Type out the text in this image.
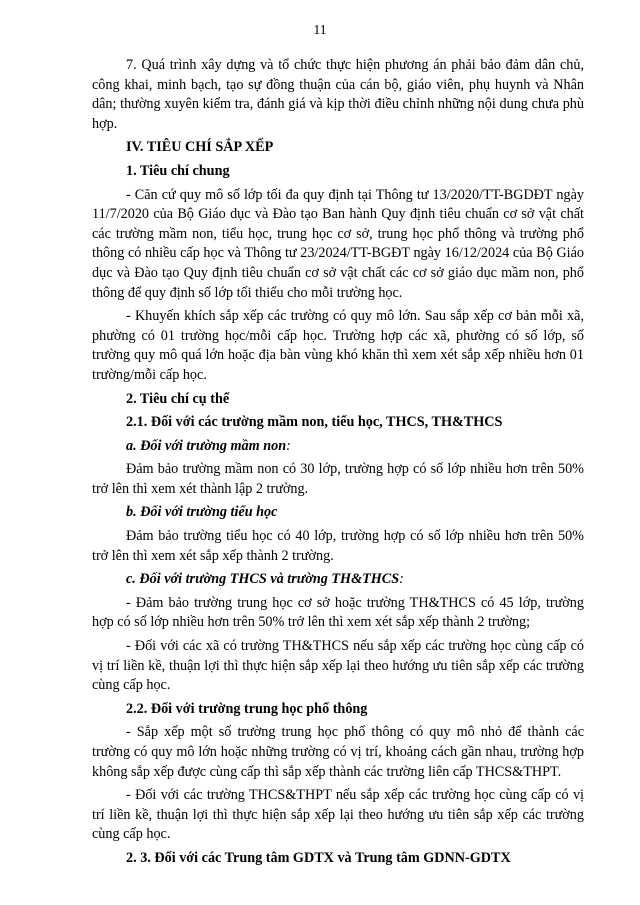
11

7. Quá trình xây dựng và tổ chức thực hiện phương án phải bảo đảm dân chủ, công khai, minh bạch, tạo sự đồng thuận của cán bộ, giáo viên, phụ huynh và Nhân dân; thường xuyên kiểm tra, đánh giá và kịp thời điều chỉnh những nội dung chưa phù hợp.

IV. TIÊU CHÍ SẮP XẾP

1. Tiêu chí chung

- Căn cứ quy mô số lớp tối đa quy định tại Thông tư 13/2020/TT-BGDĐT ngày 11/7/2020 của Bộ Giáo dục và Đào tạo Ban hành Quy định tiêu chuẩn cơ sở vật chất các trường mầm non, tiểu học, trung học cơ sở, trung học phổ thông và trường phổ thông có nhiều cấp học và Thông tư 23/2024/TT-BGĐT ngày 16/12/2024 của Bộ Giáo dục và Đào tạo Quy định tiêu chuẩn cơ sở vật chất các cơ sở giáo dục mầm non, phổ thông để quy định số lớp tối thiểu cho mỗi trường học.

- Khuyến khích sắp xếp các trường có quy mô lớn. Sau sắp xếp cơ bản mỗi xã, phường có 01 trường học/mỗi cấp học. Trường hợp các xã, phường có số lớp, số trường quy mô quá lớn hoặc địa bàn vùng khó khăn thì xem xét sắp xếp nhiều hơn 01 trường/mỗi cấp học.

2. Tiêu chí cụ thể

2.1. Đối với các trường mầm non, tiểu học, THCS, TH&THCS

a. Đối với trường mầm non:

Đảm bảo trường mầm non có 30 lớp, trường hợp có số lớp nhiều hơn trên 50% trở lên thì xem xét thành lập 2 trường.

b. Đối với trường tiểu học

Đảm bảo trường tiểu học có 40 lớp, trường hợp có số lớp nhiều hơn trên 50% trở lên thì xem xét sắp xếp thành 2 trường.

c. Đối với trường THCS và trường TH&THCS:

- Đảm bảo trường trung học cơ sở hoặc trường TH&THCS có 45 lớp, trường hợp có số lớp nhiều hơn trên 50% trở lên thì xem xét sắp xếp thành 2 trường;

- Đối với các xã có trường TH&THCS nếu sắp xếp các trường học cùng cấp có vị trí liền kề, thuận lợi thì thực hiện sắp xếp lại theo hướng ưu tiên sắp xếp các trường cùng cấp học.

2.2. Đối với trường trung học phổ thông

- Sắp xếp một số trường trung học phổ thông có quy mô nhỏ để thành các trường có quy mô lớn hoặc những trường có vị trí, khoảng cách gần nhau, trường hợp không sắp xếp được cùng cấp thì sắp xếp thành các trường liên cấp THCS&THPT.

- Đối với các trường THCS&THPT nếu sắp xếp các trường học cùng cấp có vị trí liền kề, thuận lợi thì thực hiện sắp xếp lại theo hướng ưu tiên sắp xếp các trường cùng cấp học.

2. 3. Đối với các Trung tâm GDTX và Trung tâm GDNN-GDTX
